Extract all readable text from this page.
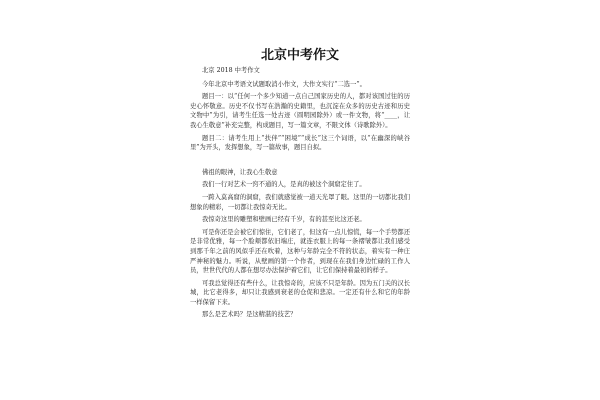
北京中考作文

北京 2018 中考作文

今年北京中考语文试题取消小作文，大作文实行“二选一”。

题目一：以“任何一个多少知道一点自己国家历史的人，都对该国过往的历史心怀敬意。历史不仅书写在浩瀚的史籍里，也沉淀在众多的历史古迹和历史文物中”为引，请考生任选一处古迹（圆明园除外）或一件文物，将“____，让我心生敬意”补充完整，构成题目，写一篇文章，不限文体（诗歌除外）。

题目二：请考生用上“扶伴”“困境”“成长”这三个词语，以“在幽深的峡谷里”为开头，发挥想象，写一篇故事，题目自拟。

佛祖的眼神，让我心生敬意

我们一行对艺术一窍不通的人，是真的被这个洞窟定住了。

一跨入莫高窟的洞窟，我们就感觉被一道天光罩了眼。这里的一切都比我们想象的精彩，一切都让我惊奇无比。

我惊奇这里的雕塑和壁画已经有千岁，有的甚至比这还老。

可是你还是会被它们惊住，它们老了，但这有一点儿惊慌，每一个手势都还是非常优雅，每一个脸颊都依旧端庄，就连衣服上的每一条褶皱都让我们感受到那千年之前的风似乎还在吹着，这种与年龄完全不符的状态，着实有一种庄严神秘的魅力。听说，从壁画的第一个作者，到现在在我们身边忙碌的工作人员，世世代代的人都在想尽办法保护着它们，让它们保持着最初的样子。

可我总觉得还有些什么，让我惊奇的，应该不只是年龄。因为五门关的汉长城，比它老得多，却只让我感到衰老的仓促和悲凉。一定还有什么和它的年龄一样保留下来。

那么是艺术吗？是这精湛的技艺？
